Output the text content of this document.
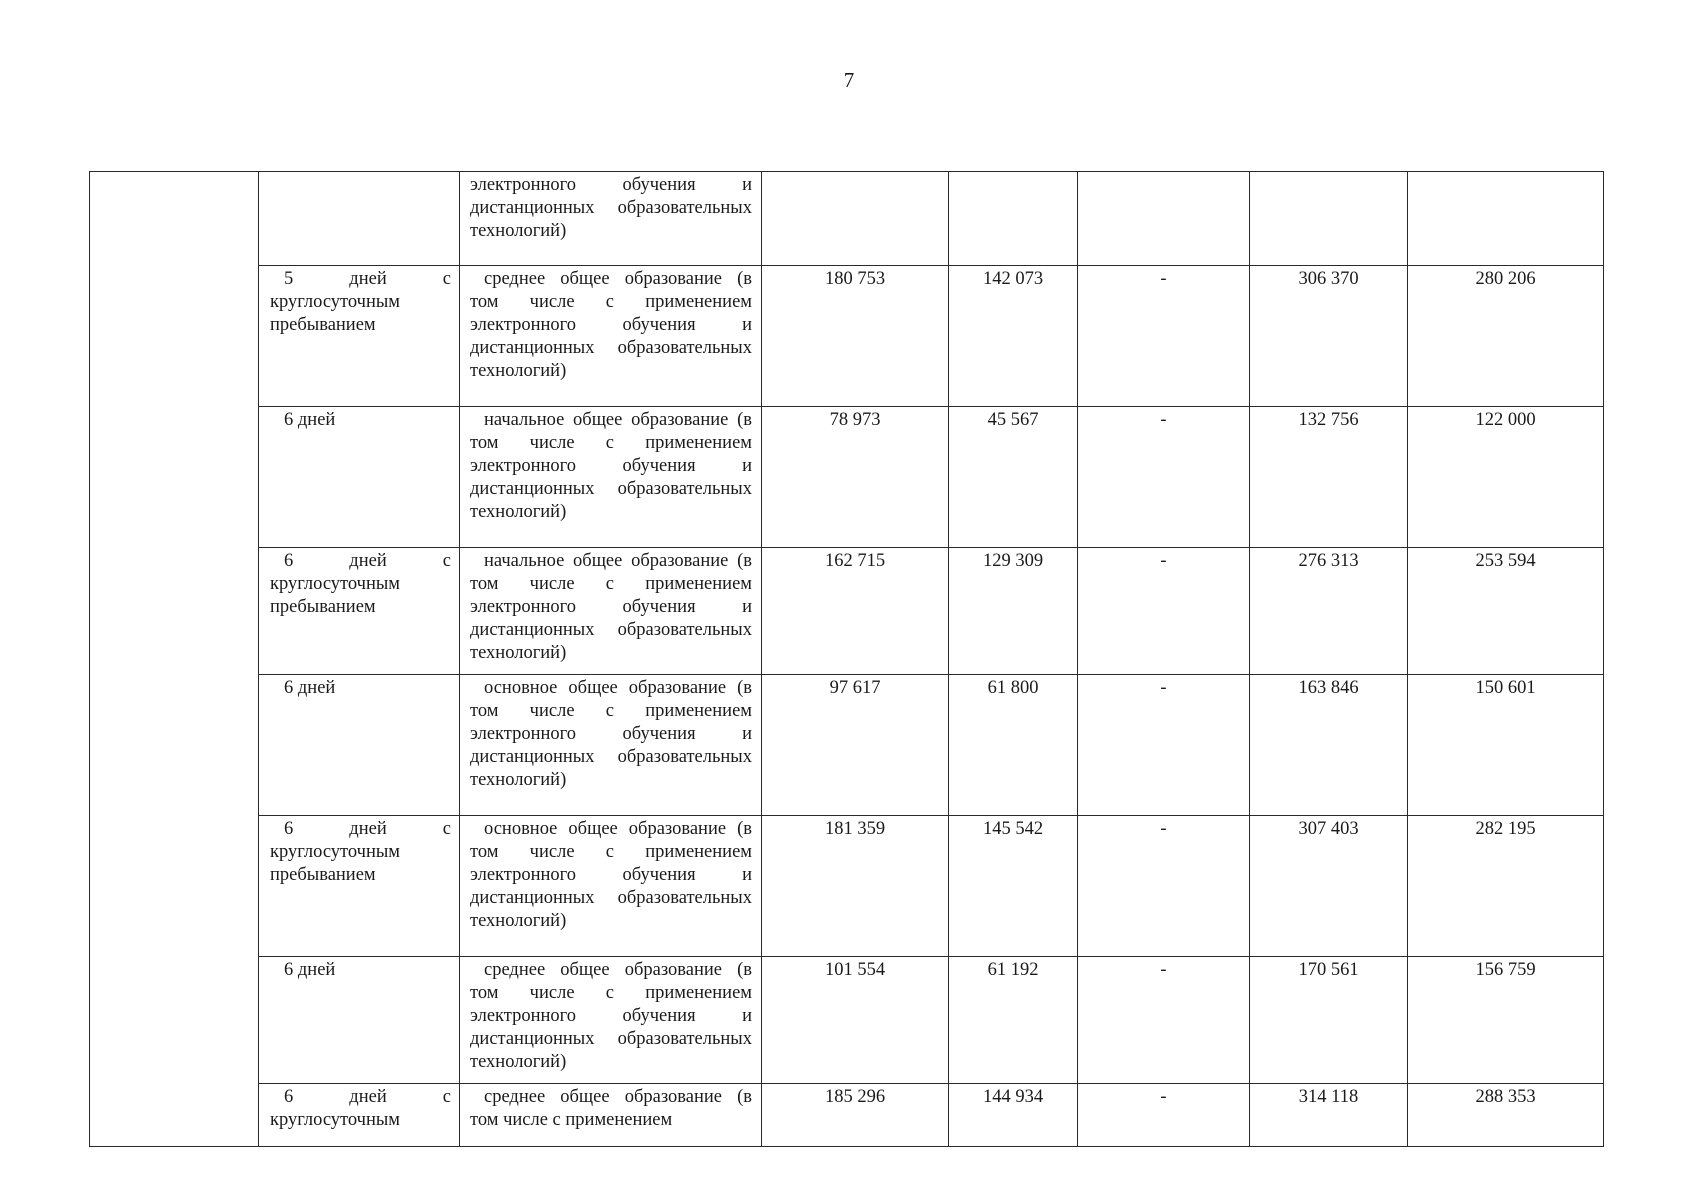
7

		электронного обучения и дистанционных образовательных технологий)					

	5 дней с круглосуточным пребыванием	среднее общее образование (в том числе с применением электронного обучения и дистанционных образовательных технологий)	180 753	142 073	-	306 370	280 206

	6 дней	начальное общее образование (в том числе с применением электронного обучения и дистанционных образовательных технологий)	78 973	45 567	-	132 756	122 000

	6 дней с круглосуточным пребыванием	начальное общее образование (в том числе с применением электронного обучения и дистанционных образовательных технологий)	162 715	129 309	-	276 313	253 594

	6 дней	основное общее образование (в том числе с применением электронного обучения и дистанционных образовательных технологий)	97 617	61 800	-	163 846	150 601

	6 дней с круглосуточным пребыванием	основное общее образование (в том числе с применением электронного обучения и дистанционных образовательных технологий)	181 359	145 542	-	307 403	282 195

	6 дней	среднее общее образование (в том числе с применением электронного обучения и дистанционных образовательных технологий)	101 554	61 192	-	170 561	156 759

	6 дней с круглосуточным	среднее общее образование (в том числе с применением	185 296	144 934	-	314 118	288 353
